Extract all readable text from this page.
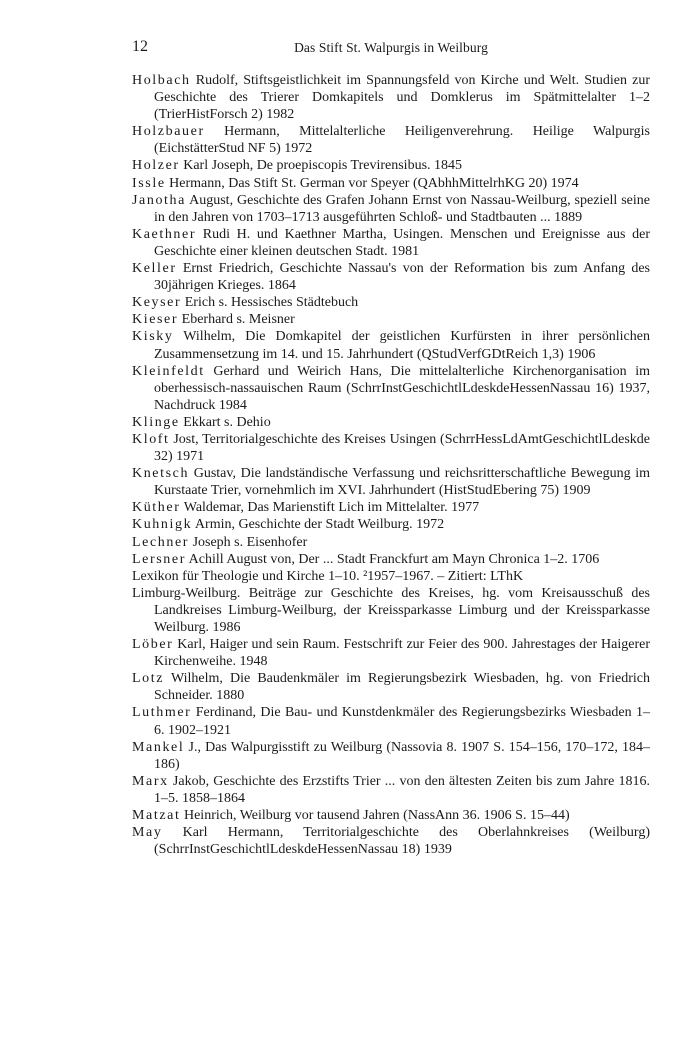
12	Das Stift St. Walpurgis in Weilburg

Holbach Rudolf, Stiftsgeistlichkeit im Spannungsfeld von Kirche und Welt. Studien zur Geschichte des Trierer Domkapitels und Domklerus im Spätmittelalter 1–2 (TrierHistForsch 2) 1982

Holzbauer Hermann, Mittelalterliche Heiligenverehrung. Heilige Walpurgis (EichstätterStud NF 5) 1972

Holzer Karl Joseph, De proepiscopis Trevirensibus. 1845

Issle Hermann, Das Stift St. German vor Speyer (QAbhhMittelrhKG 20) 1974

Janotha August, Geschichte des Grafen Johann Ernst von Nassau-Weilburg, speziell seine in den Jahren von 1703–1713 ausgeführten Schloß- und Stadtbauten ... 1889

Kaethner Rudi H. und Kaethner Martha, Usingen. Menschen und Ereignisse aus der Geschichte einer kleinen deutschen Stadt. 1981

Keller Ernst Friedrich, Geschichte Nassau's von der Reformation bis zum Anfang des 30jährigen Krieges. 1864

Keyser Erich s. Hessisches Städtebuch

Kieser Eberhard s. Meisner

Kisky Wilhelm, Die Domkapitel der geistlichen Kurfürsten in ihrer persönlichen Zusammensetzung im 14. und 15. Jahrhundert (QStudVerfGDtReich 1,3) 1906

Kleinfeldt Gerhard und Weirich Hans, Die mittelalterliche Kirchenorganisation im oberhessisch-nassauischen Raum (SchrrInstGeschichtlLdeskdeHessenNassau 16) 1937, Nachdruck 1984

Klinge Ekkart s. Dehio

Kloft Jost, Territorialgeschichte des Kreises Usingen (SchrrHessLdAmtGeschichtlLdeskde 32) 1971

Knetsch Gustav, Die landständische Verfassung und reichsritterschaftliche Bewegung im Kurstaate Trier, vornehmlich im XVI. Jahrhundert (HistStudEbering 75) 1909

Küther Waldemar, Das Marienstift Lich im Mittelalter. 1977

Kuhnigk Armin, Geschichte der Stadt Weilburg. 1972

Lechner Joseph s. Eisenhofer

Lersner Achill August von, Der ... Stadt Franckfurt am Mayn Chronica 1–2. 1706

Lexikon für Theologie und Kirche 1–10. ²1957–1967. – Zitiert: LThK

Limburg-Weilburg. Beiträge zur Geschichte des Kreises, hg. vom Kreisausschuß des Landkreises Limburg-Weilburg, der Kreissparkasse Limburg und der Kreissparkasse Weilburg. 1986

Löber Karl, Haiger und sein Raum. Festschrift zur Feier des 900. Jahrestages der Haigerer Kirchenweihe. 1948

Lotz Wilhelm, Die Baudenkmäler im Regierungsbezirk Wiesbaden, hg. von Friedrich Schneider. 1880

Luthmer Ferdinand, Die Bau- und Kunstdenkmäler des Regierungsbezirks Wiesbaden 1–6. 1902–1921

Mankel J., Das Walpurgisstift zu Weilburg (Nassovia 8. 1907 S. 154–156, 170–172, 184–186)

Marx Jakob, Geschichte des Erzstifts Trier ... von den ältesten Zeiten bis zum Jahre 1816. 1–5. 1858–1864

Matzat Heinrich, Weilburg vor tausend Jahren (NassAnn 36. 1906 S. 15–44)

May Karl Hermann, Territorialgeschichte des Oberlahnkreises (Weilburg) (SchrrInstGeschichtlLdeskdeHessenNassau 18) 1939
